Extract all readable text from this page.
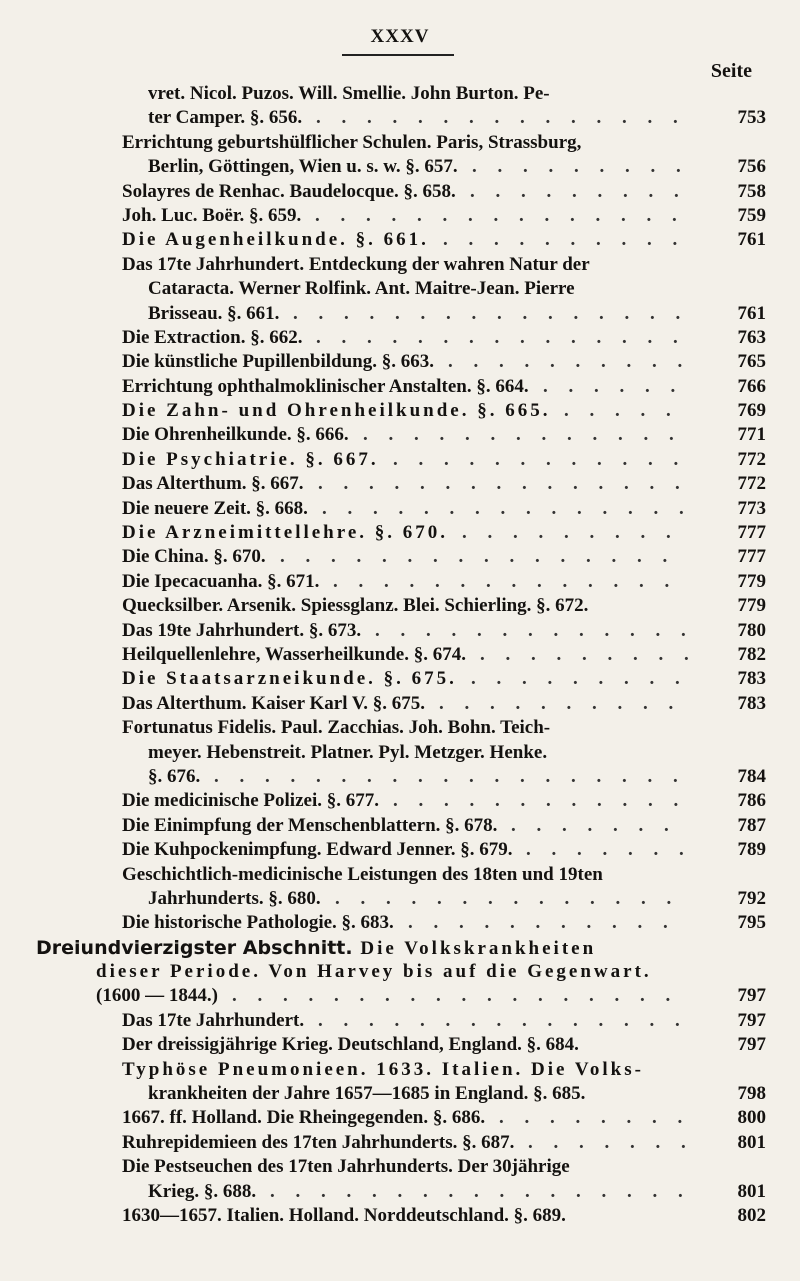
XXXV
Seite
vret. Nicol. Puzos. Will. Smellie. John Burton. Pe-
ter Camper. §. 656.	753
. . . . . . . . . . . . . . .
Errichtung geburtshülflicher Schulen. Paris, Strassburg,
Berlin, Göttingen, Wien u. s. w. §. 657.	756
. . . . . . . . .
Solayres de Renhac. Baudelocque. §. 658.	758
. . . . . . . . .
Joh. Luc. Boër. §. 659.	759
. . . . . . . . . . . . . . .
Die Augenheilkunde. §. 661.	761
. . . . . . . . . .
Das 17te Jahrhundert. Entdeckung der wahren Natur der
Cataracta. Werner Rolfink. Ant. Maitre-Jean. Pierre
Brisseau. §. 661.	761
. . . . . . . . . . . . . . . .
Die Extraction. §. 662.	763
. . . . . . . . . . . . . . .
Die künstliche Pupillenbildung. §. 663.	765
. . . . . . . . . .
Errichtung ophthalmoklinischer Anstalten. §. 664.	766
. . . . . .
Die Zahn- und Ohrenheilkunde. §. 665.	769
. . . . .
Die Ohrenheilkunde. §. 666.	771
. . . . . . . . . . . . .
Die Psychiatrie. §. 667.	772
. . . . . . . . . . . .
Das Alterthum. §. 667.	772
. . . . . . . . . . . . . . .
Die neuere Zeit. §. 668.	773
. . . . . . . . . . . . . . .
Die Arzneimittellehre. §. 670.	777
. . . . . . . . .
Die China. §. 670.	777
. . . . . . . . . . . . . . . .
Die Ipecacuanha. §. 671.	779
. . . . . . . . . . . . . .
Quecksilber. Arsenik. Spiessglanz. Blei. Schierling. §. 672.	779
Das 19te Jahrhundert. §. 673.	780
. . . . . . . . . . . . .
Heilquellenlehre, Wasserheilkunde. §. 674.	782
. . . . . . . . .
Die Staatsarzneikunde. §. 675.	783
. . . . . . . . .
Das Alterthum. Kaiser Karl V. §. 675.	783
. . . . . . . . . .
Fortunatus Fidelis. Paul. Zacchias. Joh. Bohn. Teich-
meyer. Hebenstreit. Platner. Pyl. Metzger. Henke.
§. 676.	784
. . . . . . . . . . . . . . . . . . .
Die medicinische Polizei. §. 677.	786
. . . . . . . . . . . .
Die Einimpfung der Menschenblattern. §. 678.	787
. . . . . . .
Die Kuhpockenimpfung. Edward Jenner. §. 679.	789
. . . . . . .
Geschichtlich-medicinische Leistungen des 18ten und 19ten
Jahrhunderts. §. 680.	792
. . . . . . . . . . . . . .
Die historische Pathologie. §. 683.	795
. . . . . . . . . . .
Dreiundvierzigster Abschnitt. Die Volkskrankheiten
dieser Periode. Von Harvey bis auf die Gegenwart.
(1600 — 1844.)	797
. . . . . . . . . . . . . . . . . .
Das 17te Jahrhundert.	797
. . . . . . . . . . . . . . .
Der dreissigjährige Krieg. Deutschland, England. §. 684.	797
Typhöse Pneumonieen. 1633. Italien. Die Volks-
krankheiten der Jahre 1657—1685 in England. §. 685.	798
1667. ff. Holland. Die Rheingegenden. §. 686.	800
. . . . . . . .
Ruhrepidemieen des 17ten Jahrhunderts. §. 687.	801
. . . . . . .
Die Pestseuchen des 17ten Jahrhunderts. Der 30jährige
Krieg. §. 688.	801
. . . . . . . . . . . . . . . . .
1630—1657. Italien. Holland. Norddeutschland. §. 689.	802
